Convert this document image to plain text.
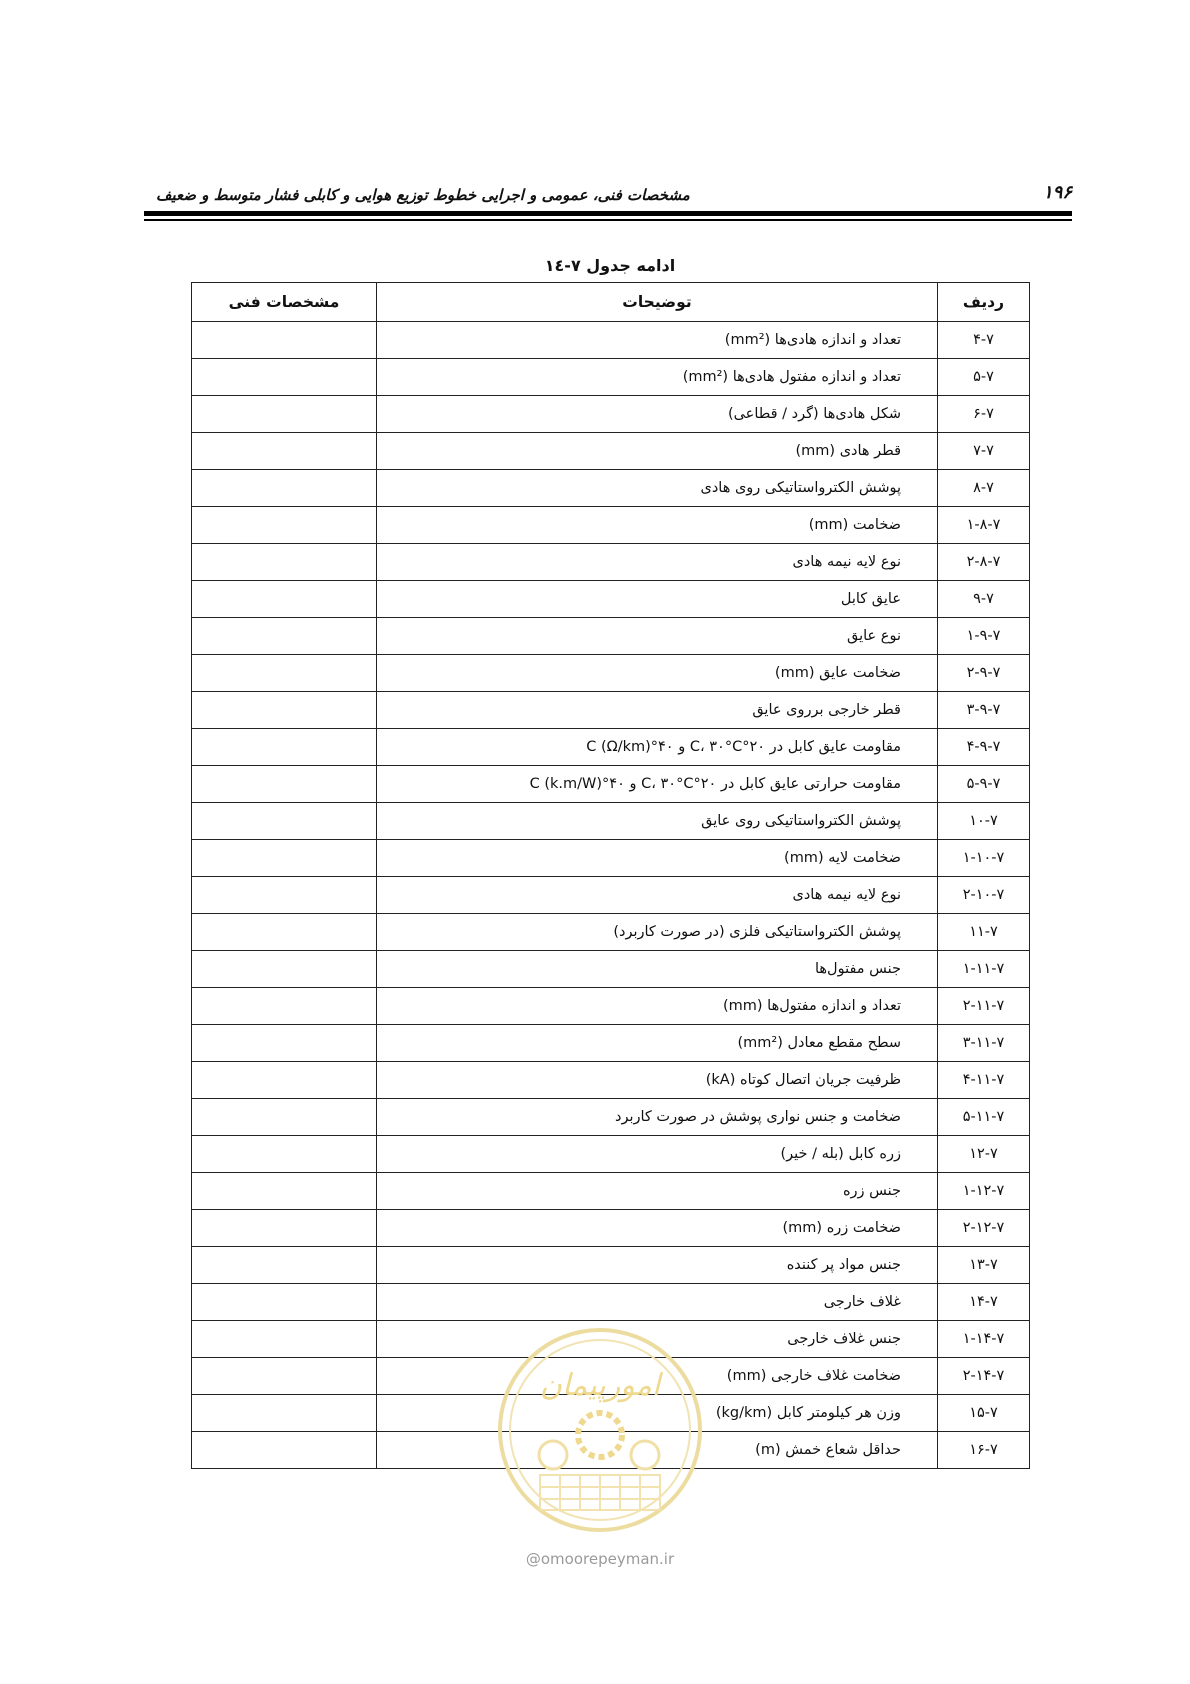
۱۹۶
مشخصات فنی، عمومی و اجرایی خطوط توزیع هوایی و کابلی فشار متوسط و ضعیف
ادامه جدول ۷-۱٤
ردیف	توضیحات	مشخصات فنی
۴-۷	تعداد و اندازه هادی‌ها (mm²)	
۵-۷	تعداد و اندازه مفتول هادی‌ها (mm²)	
۶-۷	شکل هادی‌ها (گرد / قطاعی)	
۷-۷	قطر هادی (mm)	
۸-۷	پوشش الکترواستاتیکی روی هادی	
۱-۸-۷	ضخامت (mm)	
۲-۸-۷	نوع لایه نیمه هادی	
۹-۷	عایق کابل	
۱-۹-۷	نوع عایق	
۲-۹-۷	ضخامت عایق (mm)	
۳-۹-۷	قطر خارجی برروی عایق	
۴-۹-۷	مقاومت عایق کابل در ۲۰°C، ۳۰°C و ۴۰°C (Ω/km)	
۵-۹-۷	مقاومت حرارتی عایق کابل در ۲۰°C، ۳۰°C و ۴۰°C (k.m/W)	
۱۰-۷	پوشش الکترواستاتیکی روی عایق	
۱-۱۰-۷	ضخامت لایه (mm)	
۲-۱۰-۷	نوع لایه نیمه هادی	
۱۱-۷	پوشش الکترواستاتیکی فلزی (در صورت کاربرد)	
۱-۱۱-۷	جنس مفتول‌ها	
۲-۱۱-۷	تعداد و اندازه مفتول‌ها (mm)	
۳-۱۱-۷	سطح مقطع معادل (mm²)	
۴-۱۱-۷	ظرفیت جریان اتصال کوتاه (kA)	
۵-۱۱-۷	ضخامت و جنس نواری پوشش در صورت کاربرد	
۱۲-۷	زره کابل (بله / خیر)	
۱-۱۲-۷	جنس زره	
۲-۱۲-۷	ضخامت زره (mm)	
۱۳-۷	جنس مواد پر کننده	
۱۴-۷	غلاف خارجی	
۱-۱۴-۷	جنس غلاف خارجی	
۲-۱۴-۷	ضخامت غلاف خارجی (mm)	
۱۵-۷	وزن هر کیلومتر کابل (kg/km)	
۱۶-۷	حداقل شعاع خمش (m)	
امورپیمان
@omoorepeyman.ir
